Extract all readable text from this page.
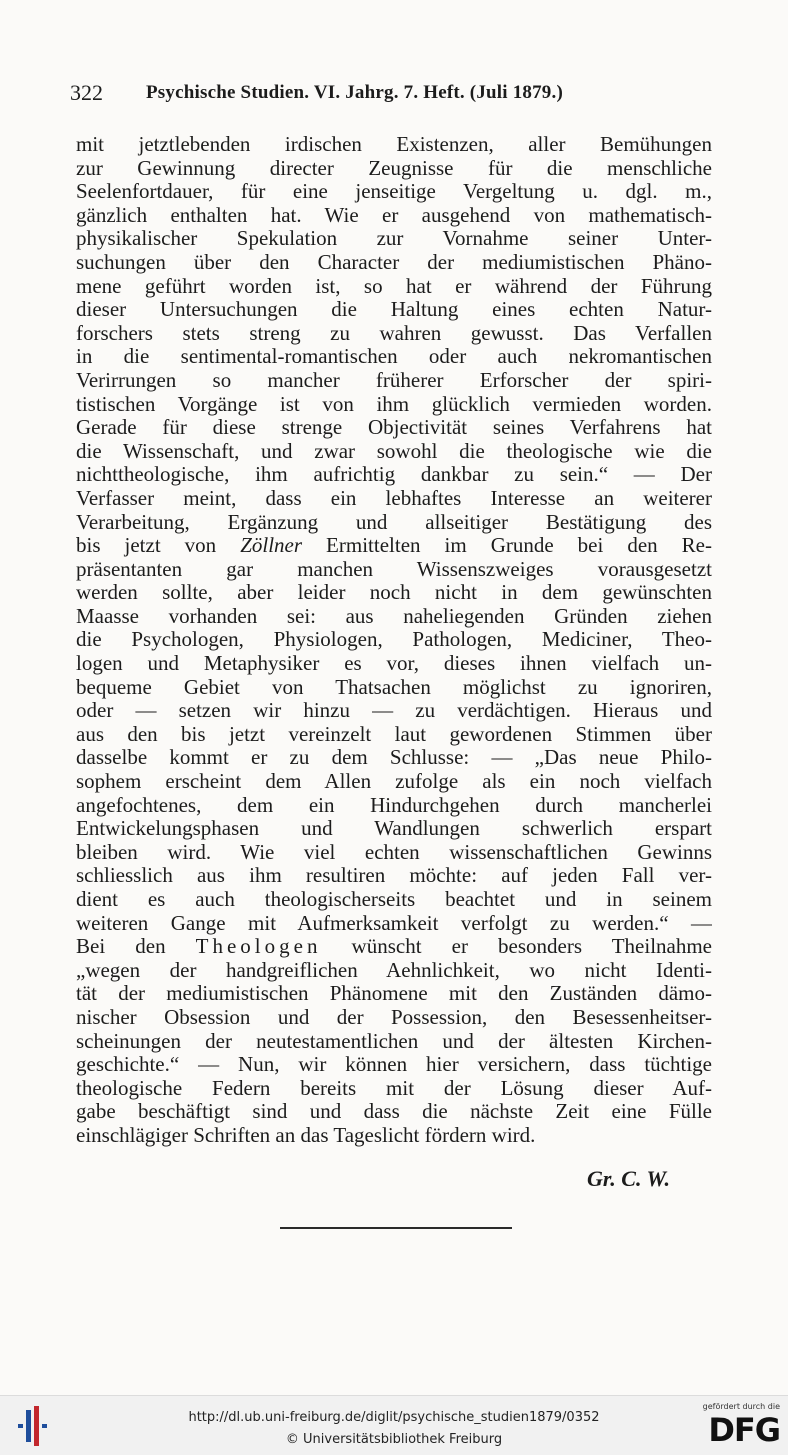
322 Psychische Studien. VI. Jahrg. 7. Heft. (Juli 1879.)
mit jetztlebenden irdischen Existenzen, aller Bemühungen
zur Gewinnung directer Zeugnisse für die menschliche
Seelenfortdauer, für eine jenseitige Vergeltung u. dgl. m.,
gänzlich enthalten hat. Wie er ausgehend von mathematisch-
physikalischer Spekulation zur Vornahme seiner Unter-
suchungen über den Character der mediumistischen Phäno-
mene geführt worden ist, so hat er während der Führung
dieser Untersuchungen die Haltung eines echten Natur-
forschers stets streng zu wahren gewusst. Das Verfallen
in die sentimental-romantischen oder auch nekromantischen
Verirrungen so mancher früherer Erforscher der spiri-
tistischen Vorgänge ist von ihm glücklich vermieden worden.
Gerade für diese strenge Objectivität seines Verfahrens hat
die Wissenschaft, und zwar sowohl die theologische wie die
nichttheologische, ihm aufrichtig dankbar zu sein.“ — Der
Verfasser meint, dass ein lebhaftes Interesse an weiterer
Verarbeitung, Ergänzung und allseitiger Bestätigung des
bis jetzt von Zöllner Ermittelten im Grunde bei den Re-
präsentanten gar manchen Wissenszweiges vorausgesetzt
werden sollte, aber leider noch nicht in dem gewünschten
Maasse vorhanden sei: aus naheliegenden Gründen ziehen
die Psychologen, Physiologen, Pathologen, Mediciner, Theo-
logen und Metaphysiker es vor, dieses ihnen vielfach un-
bequeme Gebiet von Thatsachen möglichst zu ignoriren,
oder — setzen wir hinzu — zu verdächtigen. Hieraus und
aus den bis jetzt vereinzelt laut gewordenen Stimmen über
dasselbe kommt er zu dem Schlusse: — „Das neue Philo-
sophem erscheint dem Allen zufolge als ein noch vielfach
angefochtenes, dem ein Hindurchgehen durch mancherlei
Entwickelungsphasen und Wandlungen schwerlich erspart
bleiben wird. Wie viel echten wissenschaftlichen Gewinns
schliesslich aus ihm resultiren möchte: auf jeden Fall ver-
dient es auch theologischerseits beachtet und in seinem
weiteren Gange mit Aufmerksamkeit verfolgt zu werden.“ —
Bei den Theologen wünscht er besonders Theilnahme
„wegen der handgreiflichen Aehnlichkeit, wo nicht Identi-
tät der mediumistischen Phänomene mit den Zuständen dämo-
nischer Obsession und der Possession, den Besessenheitser-
scheinungen der neutestamentlichen und der ältesten Kirchen-
geschichte.“ — Nun, wir können hier versichern, dass tüchtige
theologische Federn bereits mit der Lösung dieser Auf-
gabe beschäftigt sind und dass die nächste Zeit eine Fülle
einschlägiger Schriften an das Tageslicht fördern wird.
Gr. C. W.
http://dl.ub.uni-freiburg.de/diglit/psychische_studien1879/0352
© Universitätsbibliothek Freiburg
gefördert durch die
DFG
